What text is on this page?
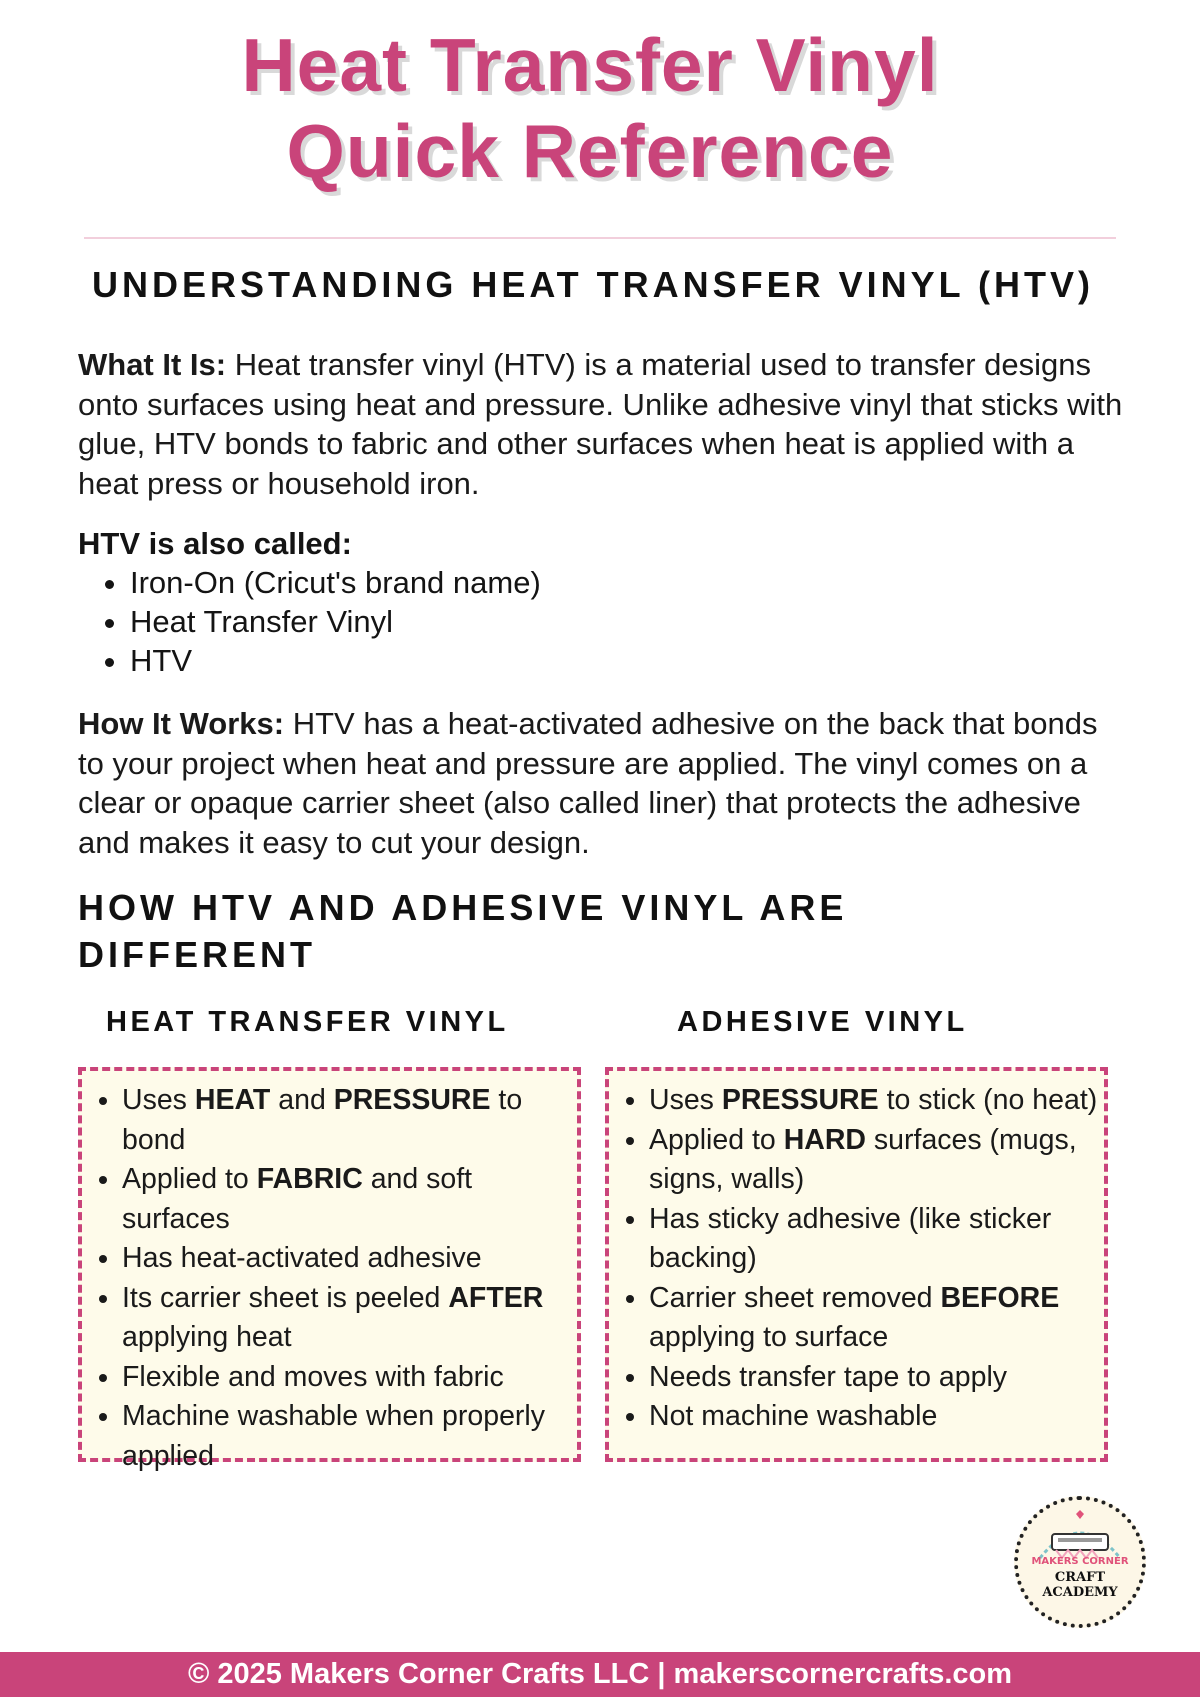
Heat Transfer Vinyl
Quick Reference
UNDERSTANDING HEAT TRANSFER VINYL (HTV)
What It Is: Heat transfer vinyl (HTV) is a material used to transfer designs onto surfaces using heat and pressure. Unlike adhesive vinyl that sticks with glue, HTV bonds to fabric and other surfaces when heat is applied with a heat press or household iron.
HTV is also called:
• Iron-On (Cricut's brand name)
• Heat Transfer Vinyl
• HTV
How It Works: HTV has a heat-activated adhesive on the back that bonds to your project when heat and pressure are applied. The vinyl comes on a clear or opaque carrier sheet (also called liner) that protects the adhesive and makes it easy to cut your design.
HOW HTV AND ADHESIVE VINYL ARE DIFFERENT
HEAT TRANSFER VINYL	ADHESIVE VINYL
• Uses HEAT and PRESSURE to bond
• Applied to FABRIC and soft surfaces
• Has heat-activated adhesive
• Its carrier sheet is peeled AFTER applying heat
• Flexible and moves with fabric
• Machine washable when properly applied
• Uses PRESSURE to stick (no heat)
• Applied to HARD surfaces (mugs, signs, walls)
• Has sticky adhesive (like sticker backing)
• Carrier sheet removed BEFORE applying to surface
• Needs transfer tape to apply
• Not machine washable
MAKERS CORNER
CRAFT
ACADEMY
© 2025 Makers Corner Crafts LLC | makerscornercrafts.com
